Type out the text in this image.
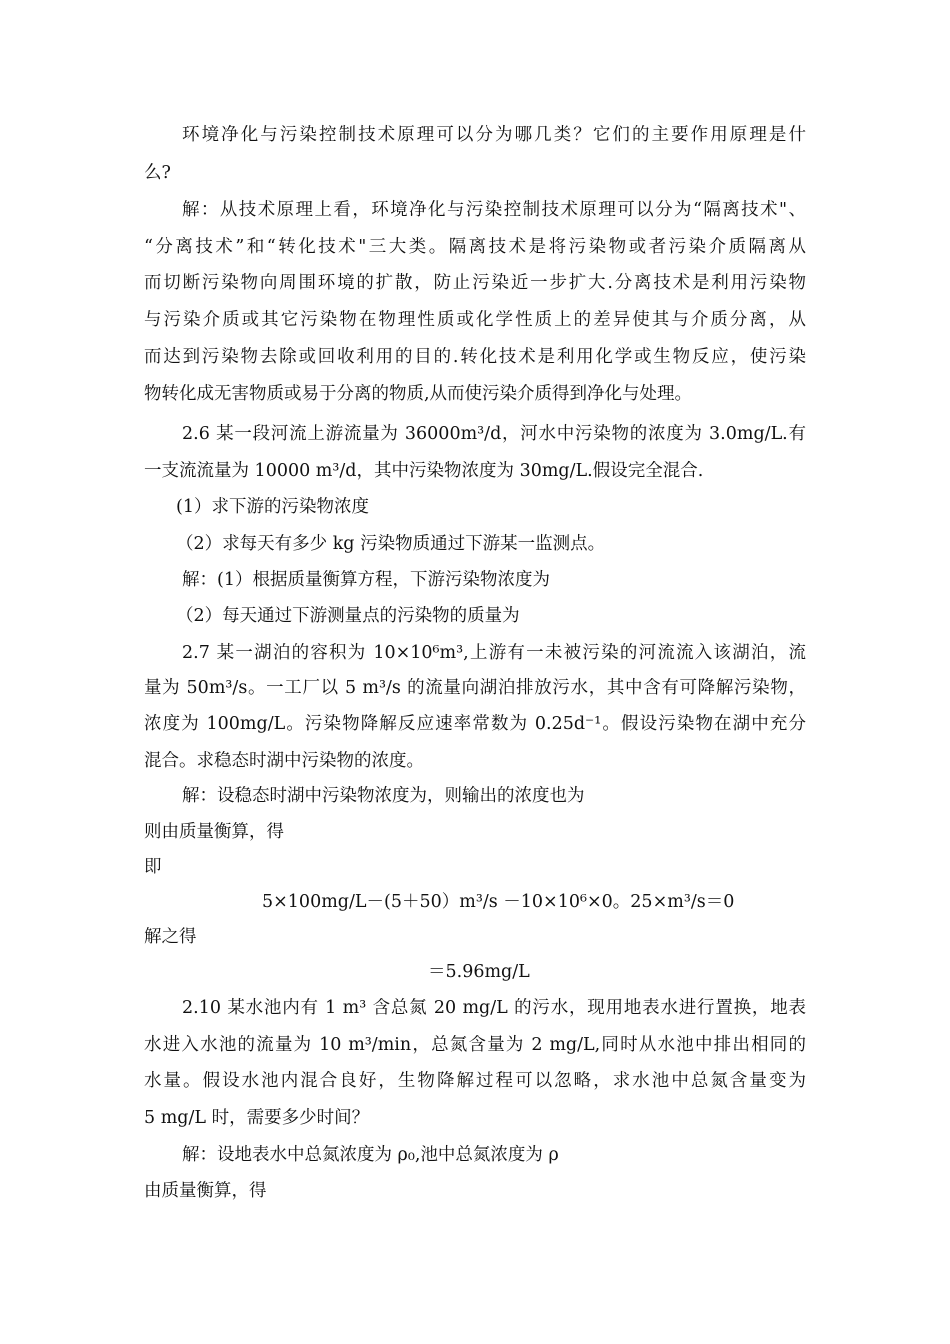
环境净化与污染控制技术原理可以分为哪几类？它们的主要作用原理是什
么?
解：从技术原理上看，环境净化与污染控制技术原理可以分为“隔离技术"、
“分离技术”和“转化技术"三大类。隔离技术是将污染物或者污染介质隔离从
而切断污染物向周围环境的扩散，防止污染近一步扩大.分离技术是利用污染物
与污染介质或其它污染物在物理性质或化学性质上的差异使其与介质分离，从
而达到污染物去除或回收利用的目的.转化技术是利用化学或生物反应，使污染
物转化成无害物质或易于分离的物质,从而使污染介质得到净化与处理。
2.6 某一段河流上游流量为 36000m³/d，河水中污染物的浓度为 3.0mg/L.有
一支流流量为 10000 m³/d，其中污染物浓度为 30mg/L.假设完全混合.
(1）求下游的污染物浓度
（2）求每天有多少 kg 污染物质通过下游某一监测点。
解：(1）根据质量衡算方程，下游污染物浓度为
（2）每天通过下游测量点的污染物的质量为
2.7 某一湖泊的容积为 10×10⁶m³,上游有一未被污染的河流流入该湖泊，流
量为 50m³/s。一工厂以 5 m³/s 的流量向湖泊排放污水，其中含有可降解污染物，
浓度为 100mg/L。污染物降解反应速率常数为 0.25d⁻¹。假设污染物在湖中充分
混合。求稳态时湖中污染物的浓度。
解：设稳态时湖中污染物浓度为，则输出的浓度也为
则由质量衡算，得
即
5×100mg/L－(5＋50）m³/s －10×10⁶×0。25×m³/s＝0
解之得
＝5.96mg/L
2.10 某水池内有 1 m³ 含总氮 20 mg/L 的污水，现用地表水进行置换，地表
水进入水池的流量为 10 m³/min，总氮含量为 2 mg/L,同时从水池中排出相同的
水量。假设水池内混合良好，生物降解过程可以忽略，求水池中总氮含量变为
5 mg/L 时，需要多少时间？
解：设地表水中总氮浓度为 ρ₀,池中总氮浓度为 ρ
由质量衡算，得
